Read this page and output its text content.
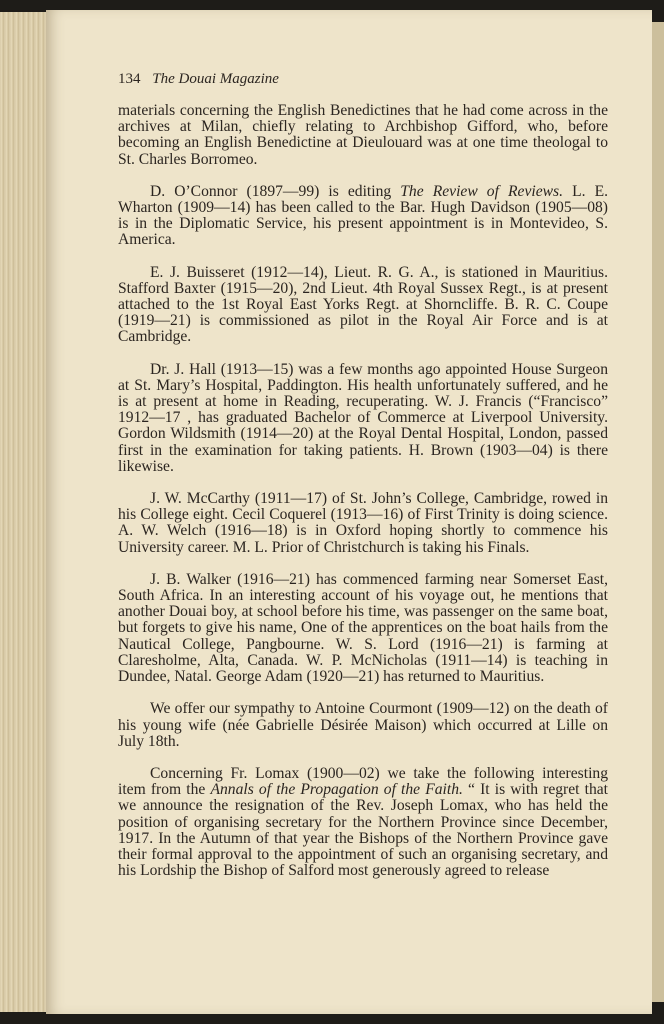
134 The Douai Magazine

materials concerning the English Benedictines that he had come across in the archives at Milan, chiefly relating to Archbishop Gifford, who, before becoming an English Benedictine at Dieulouard was at one time theologal to St. Charles Borromeo.

D. O’Connor (1897—99) is editing The Review of Reviews. L. E. Wharton (1909—14) has been called to the Bar. Hugh Davidson (1905—08) is in the Diplomatic Service, his present appointment is in Montevideo, S. America.

E. J. Buisseret (1912—14), Lieut. R. G. A., is stationed in Mauritius. Stafford Baxter (1915—20), 2nd Lieut. 4th Royal Sussex Regt., is at present attached to the 1st Royal East Yorks Regt. at Shorncliffe. B. R. C. Coupe (1919—21) is commissioned as pilot in the Royal Air Force and is at Cambridge.

Dr. J. Hall (1913—15) was a few months ago appointed House Surgeon at St. Mary’s Hospital, Paddington. His health unfortunately suffered, and he is at present at home in Reading, recuperating. W. J. Francis (“Francisco” 1912—17 , has graduated Bachelor of Commerce at Liverpool University. Gordon Wildsmith (1914—20) at the Royal Dental Hospital, London, passed first in the examination for taking patients. H. Brown (1903—04) is there likewise.

J. W. McCarthy (1911—17) of St. John’s College, Cambridge, rowed in his College eight. Cecil Coquerel (1913—16) of First Trinity is doing science. A. W. Welch (1916—18) is in Oxford hoping shortly to commence his University career. M. L. Prior of Christchurch is taking his Finals.

J. B. Walker (1916—21) has commenced farming near Somerset East, South Africa. In an interesting account of his voyage out, he mentions that another Douai boy, at school before his time, was passenger on the same boat, but forgets to give his name, One of the apprentices on the boat hails from the Nautical College, Pangbourne. W. S. Lord (1916—21) is farming at Claresholme, Alta, Canada. W. P. McNicholas (1911—14) is teaching in Dundee, Natal. George Adam (1920—21) has returned to Mauritius.

We offer our sympathy to Antoine Courmont (1909—12) on the death of his young wife (née Gabrielle Désirée Maison) which occurred at Lille on July 18th.

Concerning Fr. Lomax (1900—02) we take the following interesting item from the Annals of the Propagation of the Faith. “ It is with regret that we announce the resignation of the Rev. Joseph Lomax, who has held the position of organising secretary for the Northern Province since December, 1917. In the Autumn of that year the Bishops of the Northern Province gave their formal approval to the appointment of such an organising secretary, and his Lordship the Bishop of Salford most generously agreed to release
